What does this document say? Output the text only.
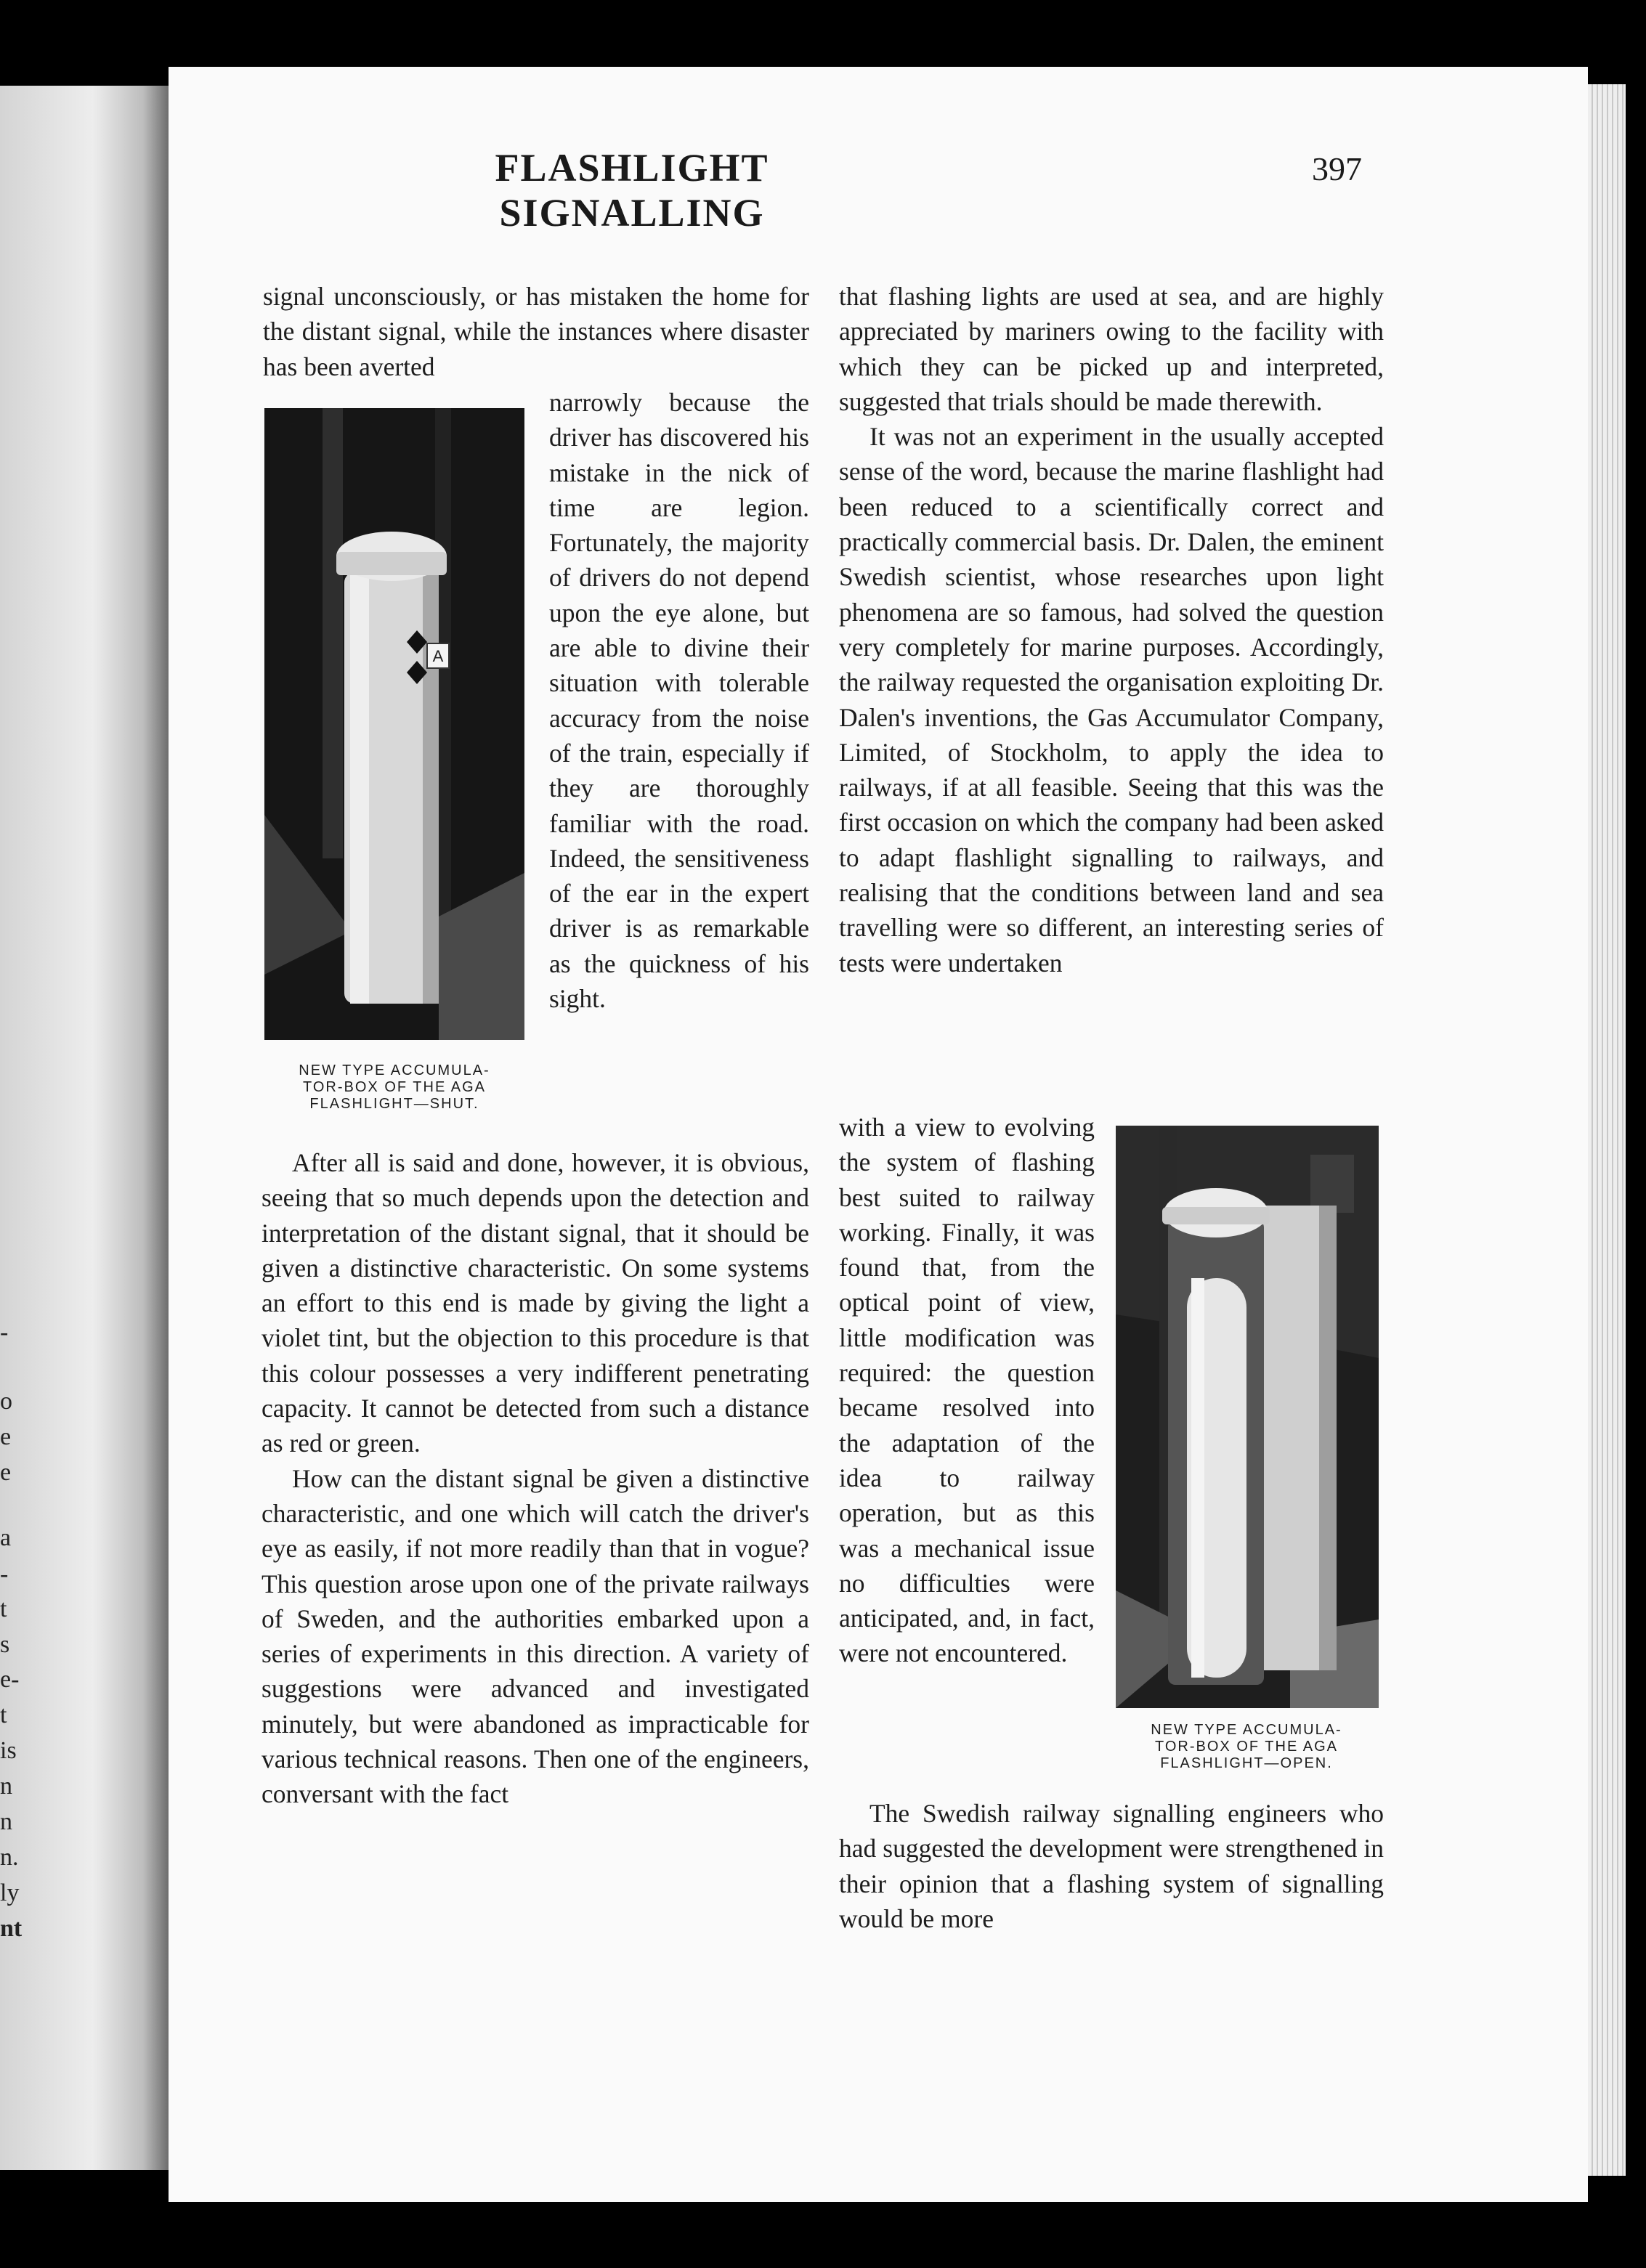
-
o
e
e
a
-
t
s
e-
t
is
n
n
n.
ly
nt
FLASHLIGHT SIGNALLING
397
signal unconsciously, or has mistaken the home for the distant signal, while the instances where disaster has been averted
A

NEW TYPE ACCUMULA-
TOR-BOX OF THE AGA
FLASHLIGHT—SHUT.

narrowly because the driver has discovered his mistake in the nick of time are legion. Fortunately, the majority of drivers do not depend upon the eye alone, but are able to divine their situation with tolerable accuracy from the noise of the train, especially if they are thoroughly familiar with the road. Indeed, the sensitiveness of the ear in the expert driver is as remarkable as the quickness of his sight.

After all is said and done, however, it is obvious, seeing that so much depends upon the detection and interpretation of the distant signal, that it should be given a distinctive characteristic. On some systems an effort to this end is made by giving the light a violet tint, but the objection to this procedure is that this colour possesses a very indifferent penetrating capacity. It cannot be detected from such a distance as red or green.

How can the distant signal be given a distinctive characteristic, and one which will catch the driver's eye as easily, if not more readily than that in vogue? This question arose upon one of the private railways of Sweden, and the authorities embarked upon a series of experiments in this direction. A variety of suggestions were advanced and investigated minutely, but were abandoned as impracticable for various technical reasons. Then one of the engineers, conversant with the fact

that flashing lights are used at sea, and are highly appreciated by mariners owing to the facility with which they can be picked up and interpreted, suggested that trials should be made therewith.

It was not an experiment in the usually accepted sense of the word, because the marine flashlight had been reduced to a scientifically correct and practically commercial basis. Dr. Dalen, the eminent Swedish scientist, whose researches upon light phenomena are so famous, had solved the question very completely for marine purposes. Accordingly, the railway requested the organisation exploiting Dr. Dalen's inventions, the Gas Accumulator Company, Limited, of Stockholm, to apply the idea to railways, if at all feasible. Seeing that this was the first occasion on which the company had been asked to adapt flashlight signalling to railways, and realising that the conditions between land and sea travelling were so different, an interesting series of tests were undertaken

with a view to evolving the system of flashing best suited to railway working. Finally, it was found that, from the optical point of view, little modification was required: the question became resolved into the adaptation of the idea to railway operation, but as this was a mechanical issue no difficulties were anticipated, and, in fact, were not encountered.

NEW TYPE ACCUMULA-
TOR-BOX OF THE AGA
FLASHLIGHT—OPEN.

The Swedish railway signalling engineers who had suggested the development were strengthened in their opinion that a flashing system of signalling would be more
